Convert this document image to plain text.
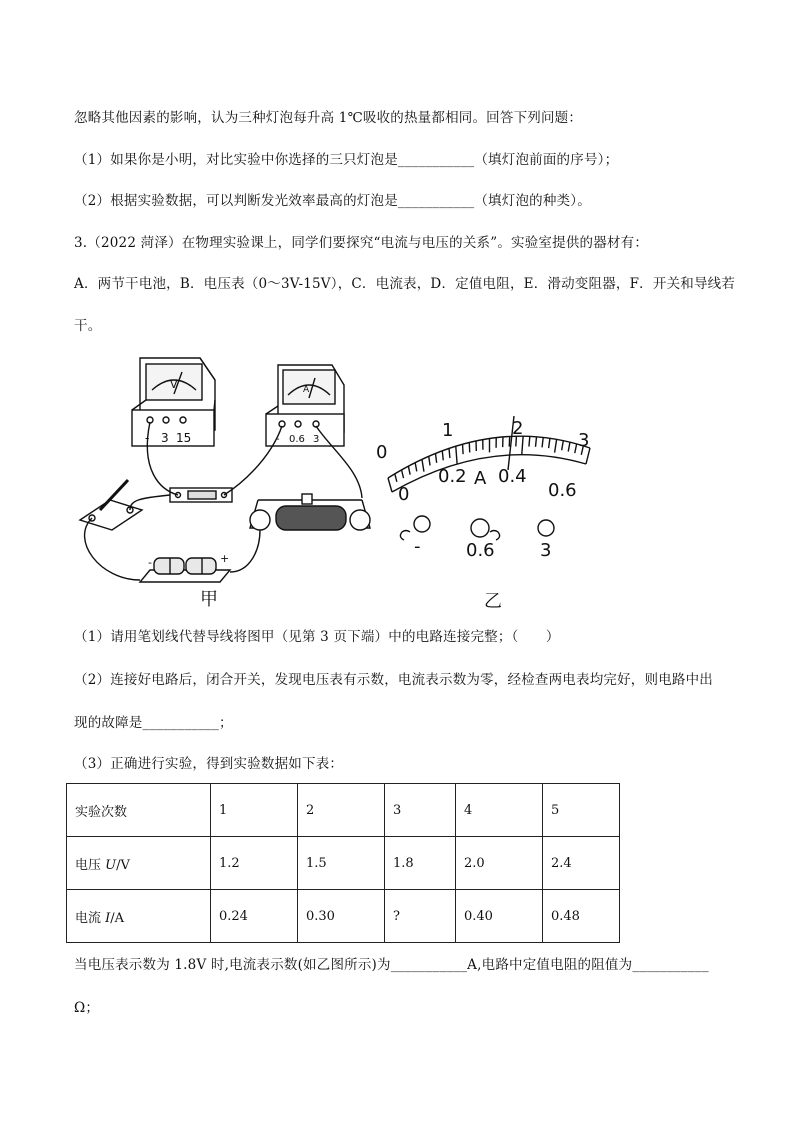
忽略其他因素的影响，认为三种灯泡每升高 1℃吸收的热量都相同。回答下列问题：
（1）如果你是小明，对比实验中你选择的三只灯泡是___________（填灯泡前面的序号）；
（2）根据实验数据，可以判断发光效率最高的灯泡是___________（填灯泡的种类）。
3.（2022 菏泽）在物理实验课上，同学们要探究“电流与电压的关系”。实验室提供的器材有：
A．两节干电池，B．电压表（0～3V-15V），C．电流表，D．定值电阻，E．滑动变阻器，F．开关和导线若
干。
V
- 3 15
A
- 0.6 3
-	+
0
1	2
3
0
0.2 A 0.4
0.6
-	0.6	3
甲	乙
（1）请用笔划线代替导线将图甲（见第 3 页下端）中的电路连接完整；（　　）
（2）连接好电路后，闭合开关，发现电压表有示数，电流表示数为零，经检查两电表均完好，则电路中出
现的故障是___________；
（3）正确进行实验，得到实验数据如下表：
实验次数	1	2	3	4	5
电压 U/V	1.2	1.5	1.8	2.0	2.4
电流 I/A	0.24	0.30	?	0.40	0.48
当电压表示数为 1.8V 时,电流表示数(如乙图所示)为___________A,电路中定值电阻的阻值为___________
Ω；
